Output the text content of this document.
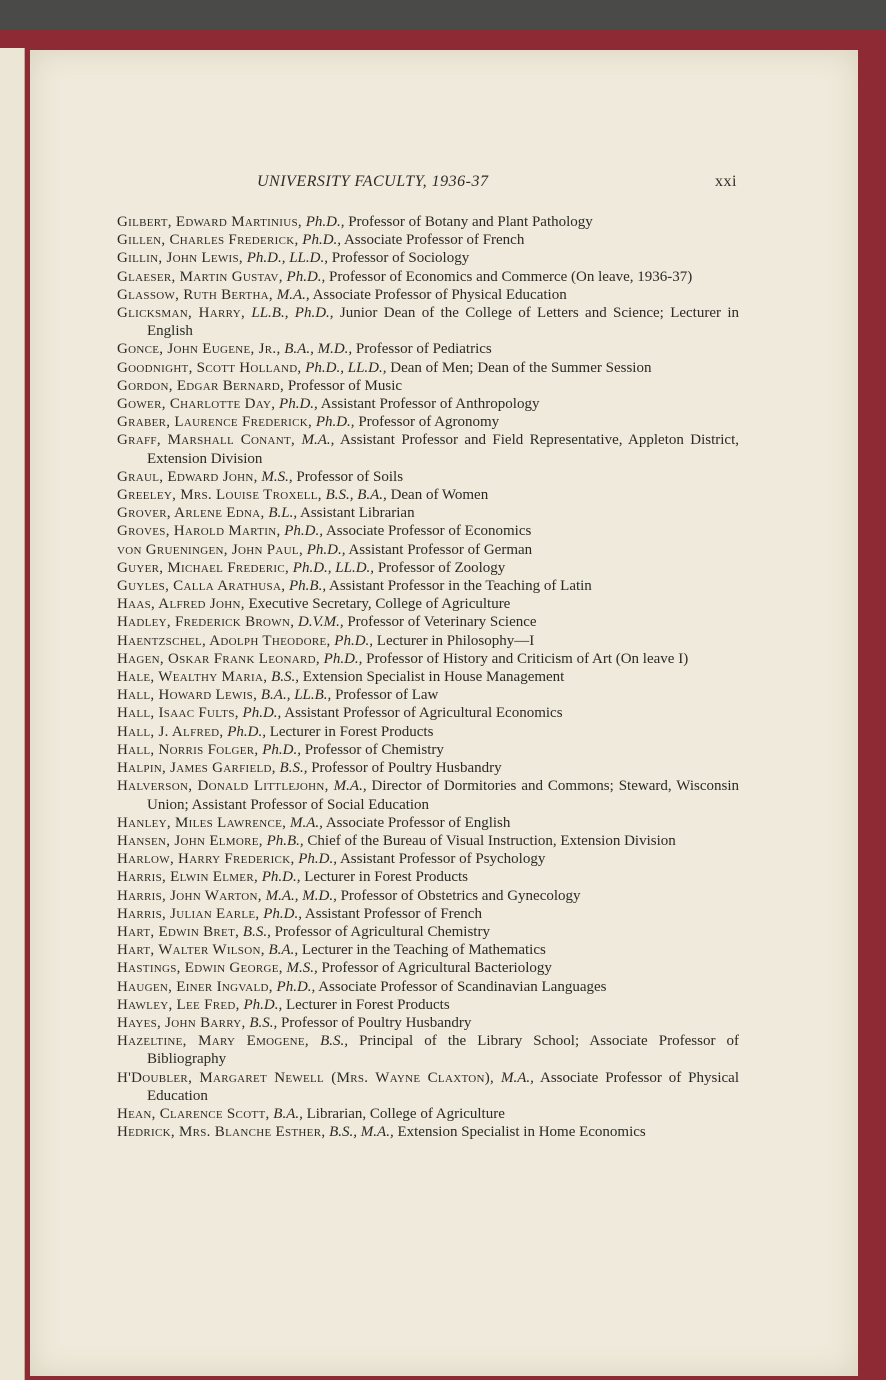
UNIVERSITY FACULTY, 1936-37	xxi
Gilbert, Edward Martinius, Ph.D., Professor of Botany and Plant Pathology
Gillen, Charles Frederick, Ph.D., Associate Professor of French
Gillin, John Lewis, Ph.D., LL.D., Professor of Sociology
Glaeser, Martin Gustav, Ph.D., Professor of Economics and Commerce (On leave, 1936-37)
Glassow, Ruth Bertha, M.A., Associate Professor of Physical Education
Glicksman, Harry, LL.B., Ph.D., Junior Dean of the College of Letters and Science; Lecturer in English
Gonce, John Eugene, Jr., B.A., M.D., Professor of Pediatrics
Goodnight, Scott Holland, Ph.D., LL.D., Dean of Men; Dean of the Summer Session
Gordon, Edgar Bernard, Professor of Music
Gower, Charlotte Day, Ph.D., Assistant Professor of Anthropology
Graber, Laurence Frederick, Ph.D., Professor of Agronomy
Graff, Marshall Conant, M.A., Assistant Professor and Field Representative, Appleton District, Extension Division
Graul, Edward John, M.S., Professor of Soils
Greeley, Mrs. Louise Troxell, B.S., B.A., Dean of Women
Grover, Arlene Edna, B.L., Assistant Librarian
Groves, Harold Martin, Ph.D., Associate Professor of Economics
von Grueningen, John Paul, Ph.D., Assistant Professor of German
Guyer, Michael Frederic, Ph.D., LL.D., Professor of Zoology
Guyles, Calla Arathusa, Ph.B., Assistant Professor in the Teaching of Latin
Haas, Alfred John, Executive Secretary, College of Agriculture
Hadley, Frederick Brown, D.V.M., Professor of Veterinary Science
Haentzschel, Adolph Theodore, Ph.D., Lecturer in Philosophy—I
Hagen, Oskar Frank Leonard, Ph.D., Professor of History and Criticism of Art (On leave I)
Hale, Wealthy Maria, B.S., Extension Specialist in House Management
Hall, Howard Lewis, B.A., LL.B., Professor of Law
Hall, Isaac Fults, Ph.D., Assistant Professor of Agricultural Economics
Hall, J. Alfred, Ph.D., Lecturer in Forest Products
Hall, Norris Folger, Ph.D., Professor of Chemistry
Halpin, James Garfield, B.S., Professor of Poultry Husbandry
Halverson, Donald Littlejohn, M.A., Director of Dormitories and Commons; Steward, Wisconsin Union; Assistant Professor of Social Education
Hanley, Miles Lawrence, M.A., Associate Professor of English
Hansen, John Elmore, Ph.B., Chief of the Bureau of Visual Instruction, Extension Division
Harlow, Harry Frederick, Ph.D., Assistant Professor of Psychology
Harris, Elwin Elmer, Ph.D., Lecturer in Forest Products
Harris, John Warton, M.A., M.D., Professor of Obstetrics and Gynecology
Harris, Julian Earle, Ph.D., Assistant Professor of French
Hart, Edwin Bret, B.S., Professor of Agricultural Chemistry
Hart, Walter Wilson, B.A., Lecturer in the Teaching of Mathematics
Hastings, Edwin George, M.S., Professor of Agricultural Bacteriology
Haugen, Einer Ingvald, Ph.D., Associate Professor of Scandinavian Languages
Hawley, Lee Fred, Ph.D., Lecturer in Forest Products
Hayes, John Barry, B.S., Professor of Poultry Husbandry
Hazeltine, Mary Emogene, B.S., Principal of the Library School; Associate Professor of Bibliography
H'Doubler, Margaret Newell (Mrs. Wayne Claxton), M.A., Associate Professor of Physical Education
Hean, Clarence Scott, B.A., Librarian, College of Agriculture
Hedrick, Mrs. Blanche Esther, B.S., M.A., Extension Specialist in Home Economics
